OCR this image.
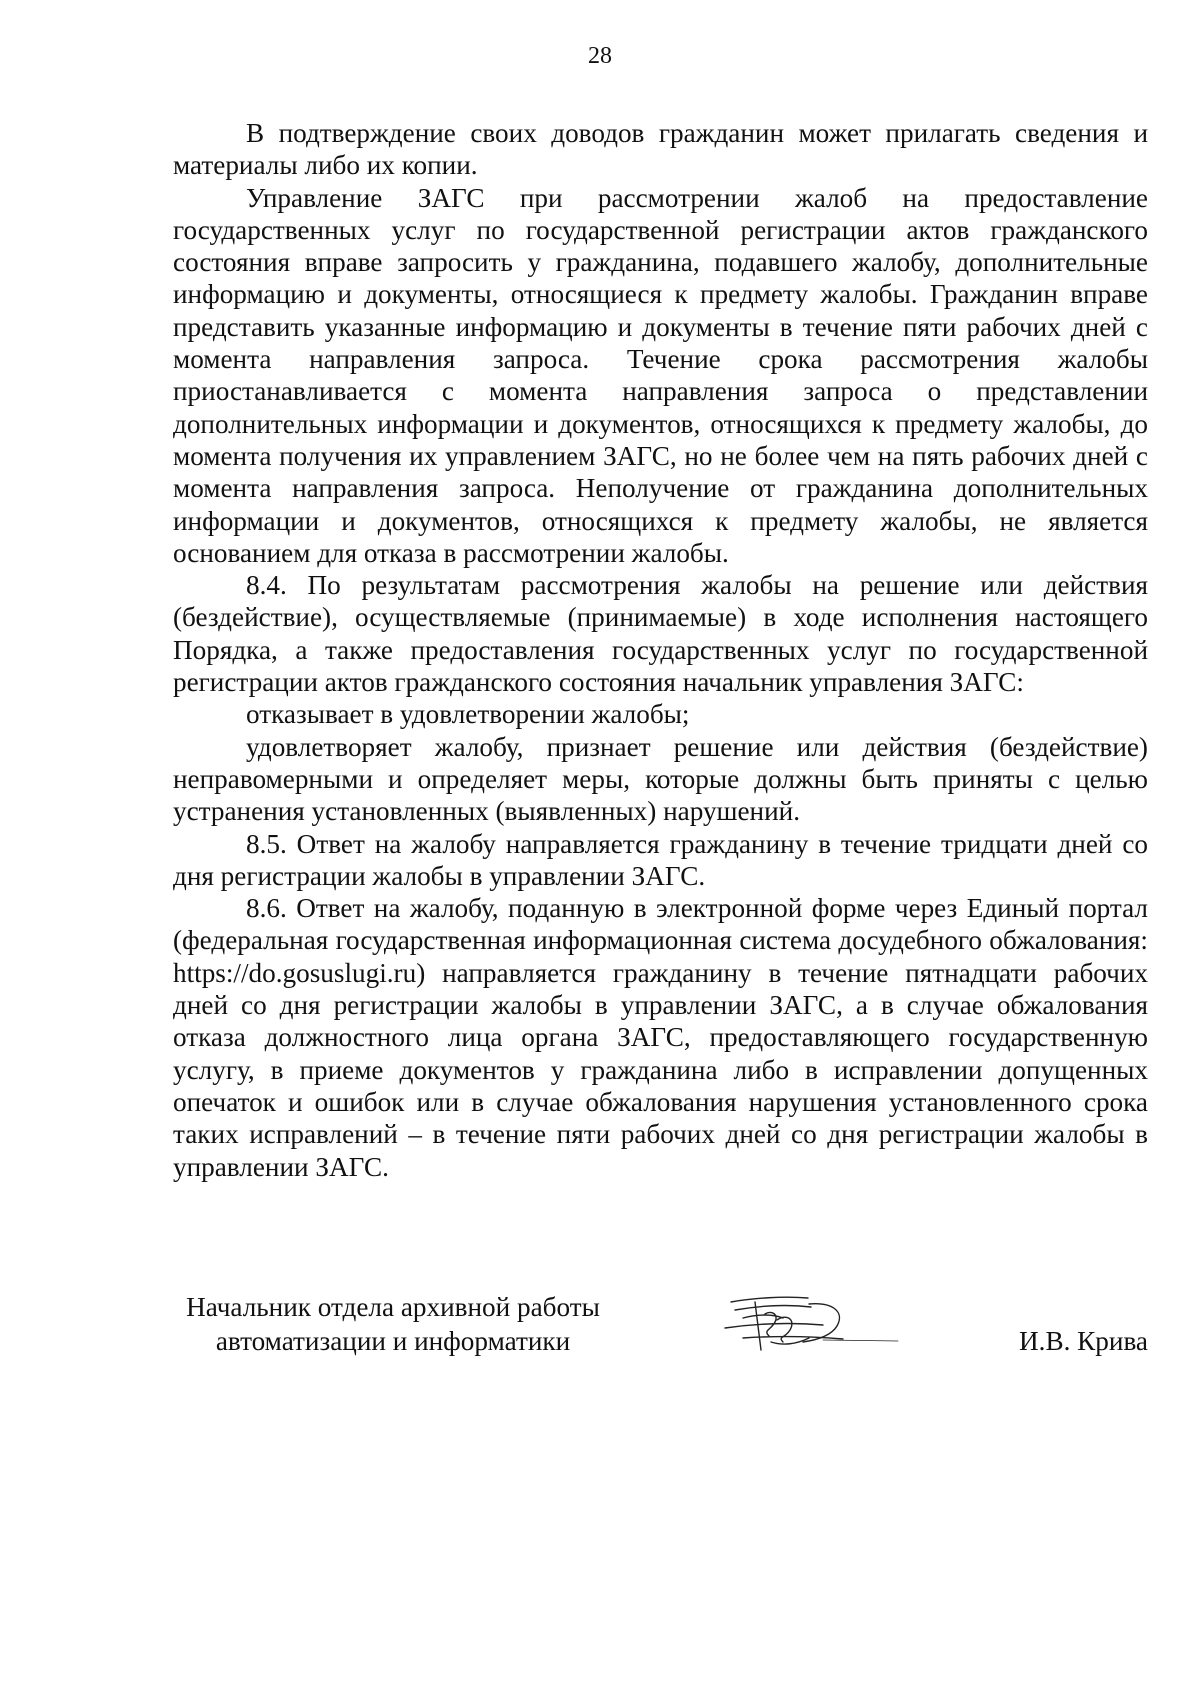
28

В подтверждение своих доводов гражданин может прилагать сведения и материалы либо их копии.

Управление ЗАГС при рассмотрении жалоб на предоставление государственных услуг по государственной регистрации актов гражданского состояния вправе запросить у гражданина, подавшего жалобу, дополнительные информацию и документы, относящиеся к предмету жалобы. Гражданин вправе представить указанные информацию и документы в течение пяти рабочих дней с момента направления запроса. Течение срока рассмотрения жалобы приостанавливается с момента направления запроса о представлении дополнительных информации и документов, относящихся к предмету жалобы, до момента получения их управлением ЗАГС, но не более чем на пять рабочих дней с момента направления запроса. Неполучение от гражданина дополнительных информации и документов, относящихся к предмету жалобы, не является основанием для отказа в рассмотрении жалобы.

8.4. По результатам рассмотрения жалобы на решение или действия (бездействие), осуществляемые (принимаемые) в ходе исполнения настоящего Порядка, а также предоставления государственных услуг по государственной регистрации актов гражданского состояния начальник управления ЗАГС:

отказывает в удовлетворении жалобы;

удовлетворяет жалобу, признает решение или действия (бездействие) неправомерными и определяет меры, которые должны быть приняты с целью устранения установленных (выявленных) нарушений.

8.5. Ответ на жалобу направляется гражданину в течение тридцати дней со дня регистрации жалобы в управлении ЗАГС.

8.6. Ответ на жалобу, поданную в электронной форме через Единый портал (федеральная государственная информационная система досудебного обжалования: https://do.gosuslugi.ru) направляется гражданину в течение пятнадцати рабочих дней со дня регистрации жалобы в управлении ЗАГС, а в случае обжалования отказа должностного лица органа ЗАГС, предоставляющего государственную услугу, в приеме документов у гражданина либо в исправлении допущенных опечаток и ошибок или в случае обжалования нарушения установленного срока таких исправлений – в течение пяти рабочих дней со дня регистрации жалобы в управлении ЗАГС.

Начальник отдела архивной работы
автоматизации и информатики	И.В. Крива
